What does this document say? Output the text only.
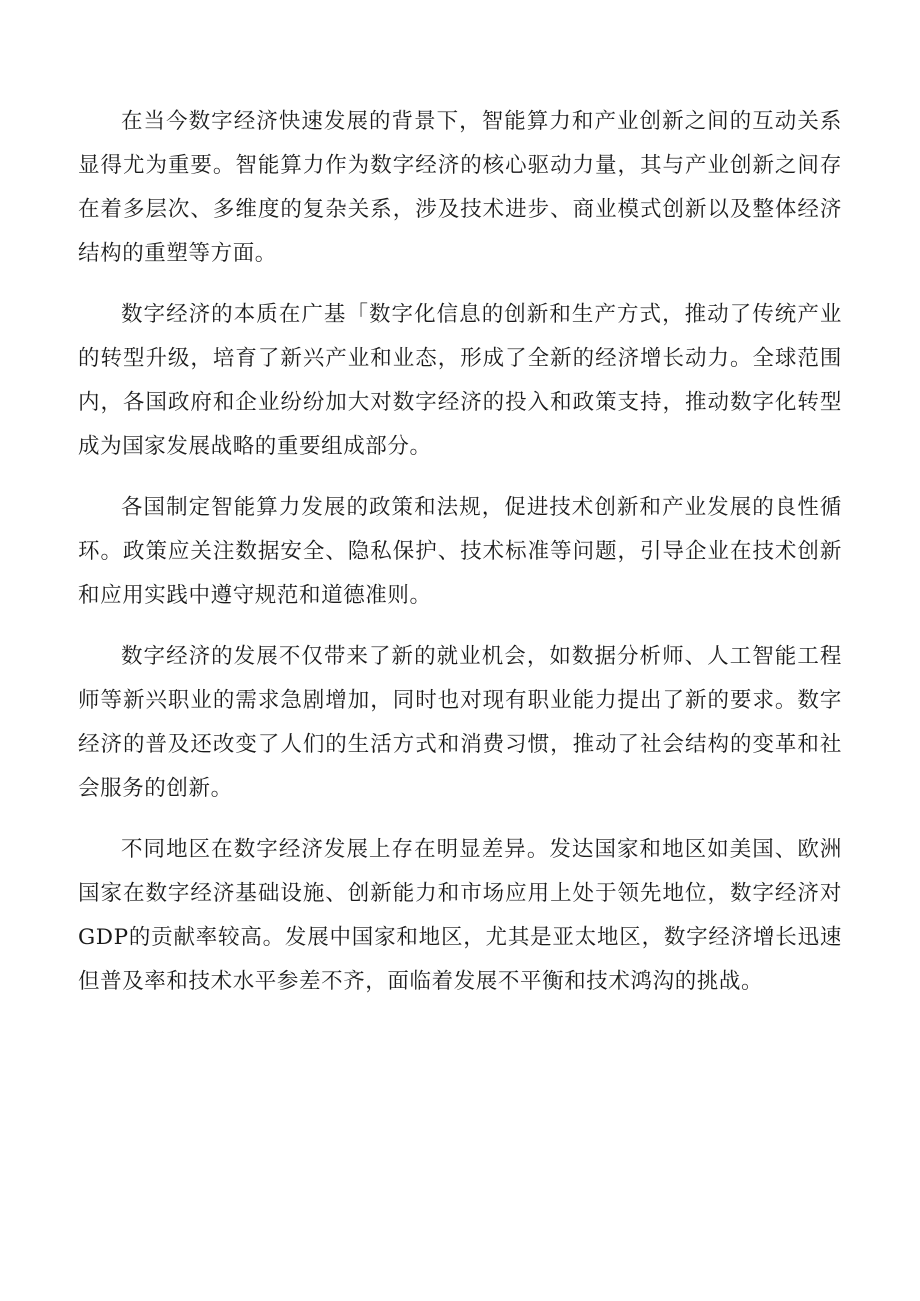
在当今数字经济快速发展的背景下，智能算力和产业创新之间的互动关系显得尤为重要。智能算力作为数字经济的核心驱动力量，其与产业创新之间存在着多层次、多维度的复杂关系，涉及技术进步、商业模式创新以及整体经济结构的重塑等方面。

数字经济的本质在广基「数字化信息的创新和生产方式，推动了传统产业的转型升级，培育了新兴产业和业态，形成了全新的经济增长动力。全球范围内，各国政府和企业纷纷加大对数字经济的投入和政策支持，推动数字化转型成为国家发展战略的重要组成部分。

各国制定智能算力发展的政策和法规，促进技术创新和产业发展的良性循环。政策应关注数据安全、隐私保护、技术标准等问题，引导企业在技术创新和应用实践中遵守规范和道德准则。

数字经济的发展不仅带来了新的就业机会，如数据分析师、人工智能工程师等新兴职业的需求急剧增加，同时也对现有职业能力提出了新的要求。数字经济的普及还改变了人们的生活方式和消费习惯，推动了社会结构的变革和社会服务的创新。

不同地区在数字经济发展上存在明显差异。发达国家和地区如美国、欧洲国家在数字经济基础设施、创新能力和市场应用上处于领先地位，数字经济对GDP的贡献率较高。发展中国家和地区，尤其是亚太地区，数字经济增长迅速但普及率和技术水平参差不齐，面临着发展不平衡和技术鸿沟的挑战。
